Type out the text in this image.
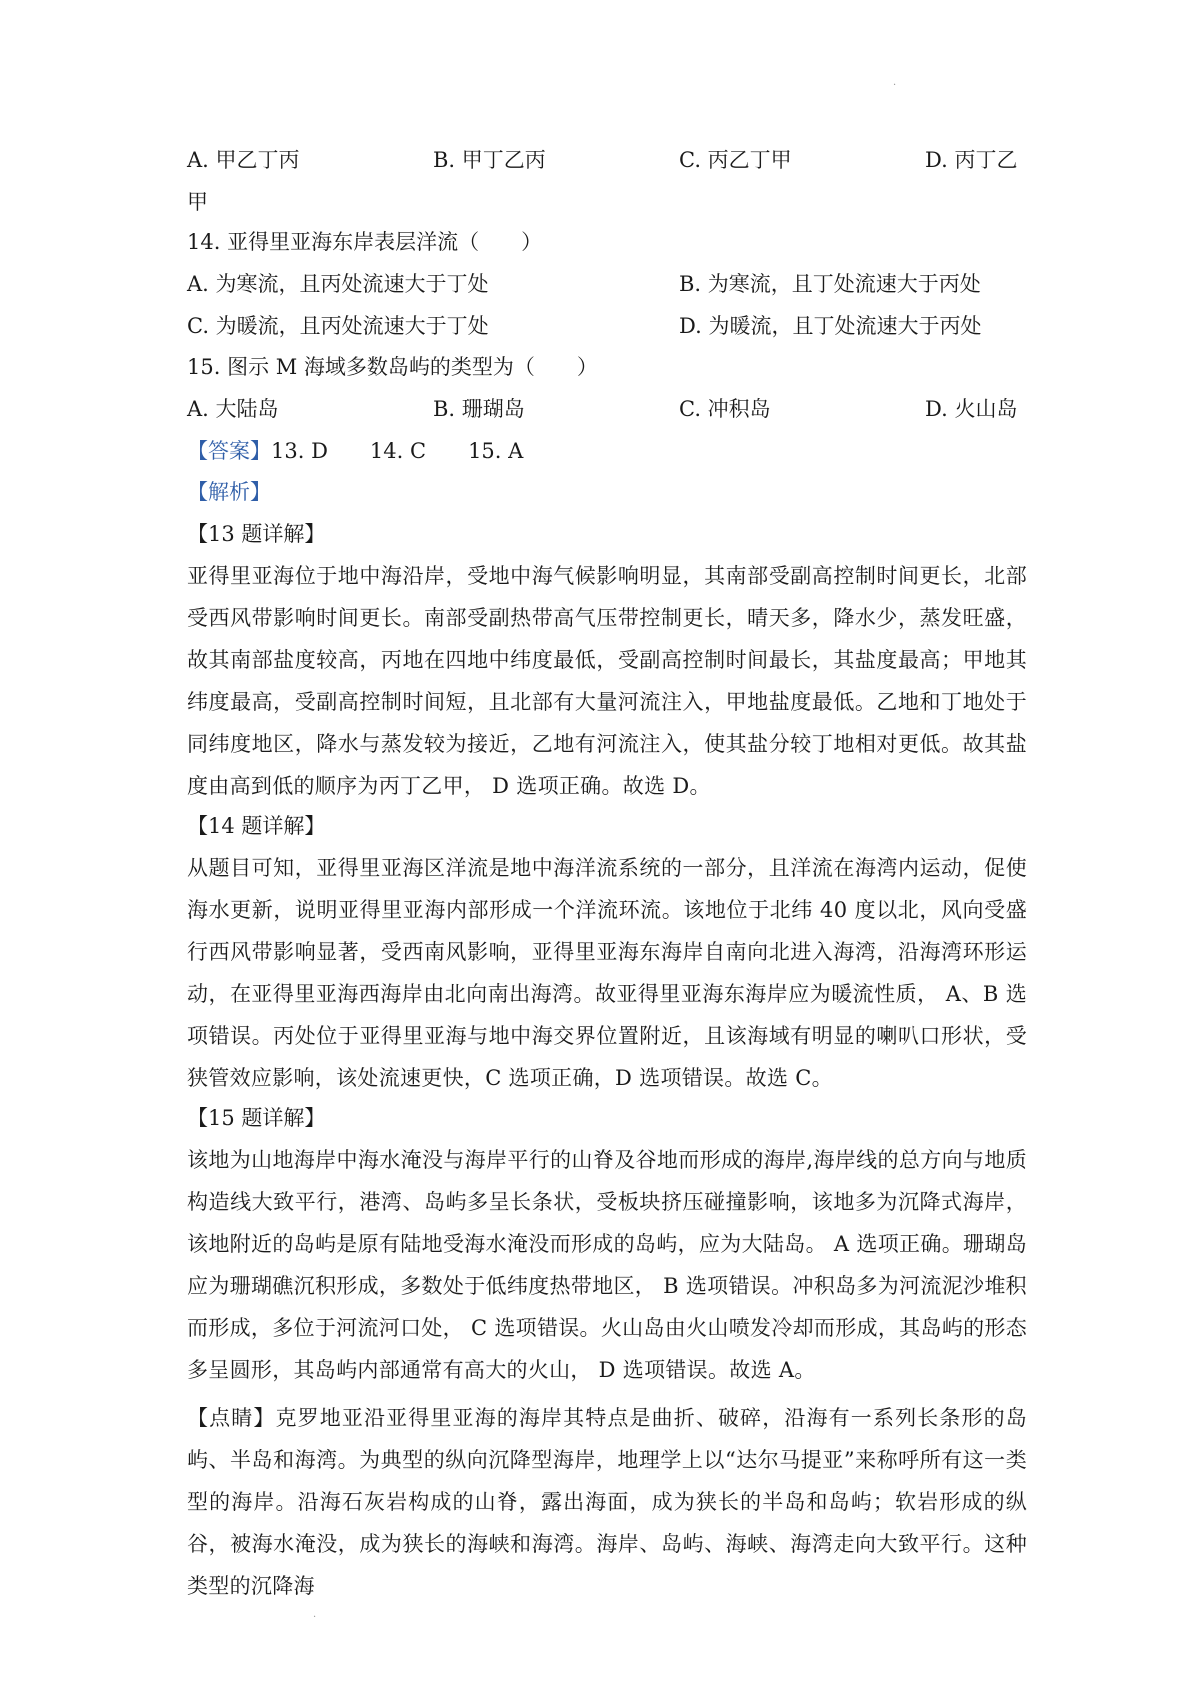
·
A. 甲乙丁丙	B. 甲丁乙丙	C. 丙乙丁甲	D. 丙丁乙
甲
14. 亚得里亚海东岸表层洋流（　　）
A. 为寒流，且丙处流速大于丁处	B. 为寒流，且丁处流速大于丙处
C. 为暖流，且丙处流速大于丁处	D. 为暖流，且丁处流速大于丙处
15. 图示 M 海域多数岛屿的类型为（　　）
A. 大陆岛	B. 珊瑚岛	C. 冲积岛	D. 火山岛
【答案】13. D 14. C 15. A
【解析】
【13 题详解】
亚得里亚海位于地中海沿岸，受地中海气候影响明显，其南部受副高控制时间更长，北部受西风带影响时间更长。南部受副热带高气压带控制更长，晴天多，降水少，蒸发旺盛，故其南部盐度较高，丙地在四地中纬度最低，受副高控制时间最长，其盐度最高；甲地其纬度最高，受副高控制时间短，且北部有大量河流注入，甲地盐度最低。乙地和丁地处于同纬度地区，降水与蒸发较为接近，乙地有河流注入，使其盐分较丁地相对更低。故其盐度由高到低的顺序为丙丁乙甲， D 选项正确。故选 D。
【14 题详解】
从题目可知，亚得里亚海区洋流是地中海洋流系统的一部分，且洋流在海湾内运动，促使海水更新，说明亚得里亚海内部形成一个洋流环流。该地位于北纬 40 度以北，风向受盛行西风带影响显著，受西南风影响，亚得里亚海东海岸自南向北进入海湾，沿海湾环形运动，在亚得里亚海西海岸由北向南出海湾。故亚得里亚海东海岸应为暖流性质， A、B 选项错误。丙处位于亚得里亚海与地中海交界位置附近，且该海域有明显的喇叭口形状，受狭管效应影响，该处流速更快，C 选项正确，D 选项错误。故选 C。
【15 题详解】
该地为山地海岸中海水淹没与海岸平行的山脊及谷地而形成的海岸,海岸线的总方向与地质构造线大致平行，港湾、岛屿多呈长条状，受板块挤压碰撞影响，该地多为沉降式海岸，该地附近的岛屿是原有陆地受海水淹没而形成的岛屿，应为大陆岛。 A 选项正确。珊瑚岛应为珊瑚礁沉积形成，多数处于低纬度热带地区， B 选项错误。冲积岛多为河流泥沙堆积而形成，多位于河流河口处， C 选项错误。火山岛由火山喷发冷却而形成，其岛屿的形态多呈圆形，其岛屿内部通常有高大的火山， D 选项错误。故选 A。
【点睛】克罗地亚沿亚得里亚海的海岸其特点是曲折、破碎，沿海有一系列长条形的岛屿、半岛和海湾。为典型的纵向沉降型海岸，地理学上以“达尔马提亚”来称呼所有这一类型的海岸。沿海石灰岩构成的山脊，露出海面，成为狭长的半岛和岛屿；软岩形成的纵谷，被海水淹没，成为狭长的海峡和海湾。海岸、岛屿、海峡、海湾走向大致平行。这种类型的沉降海
·
